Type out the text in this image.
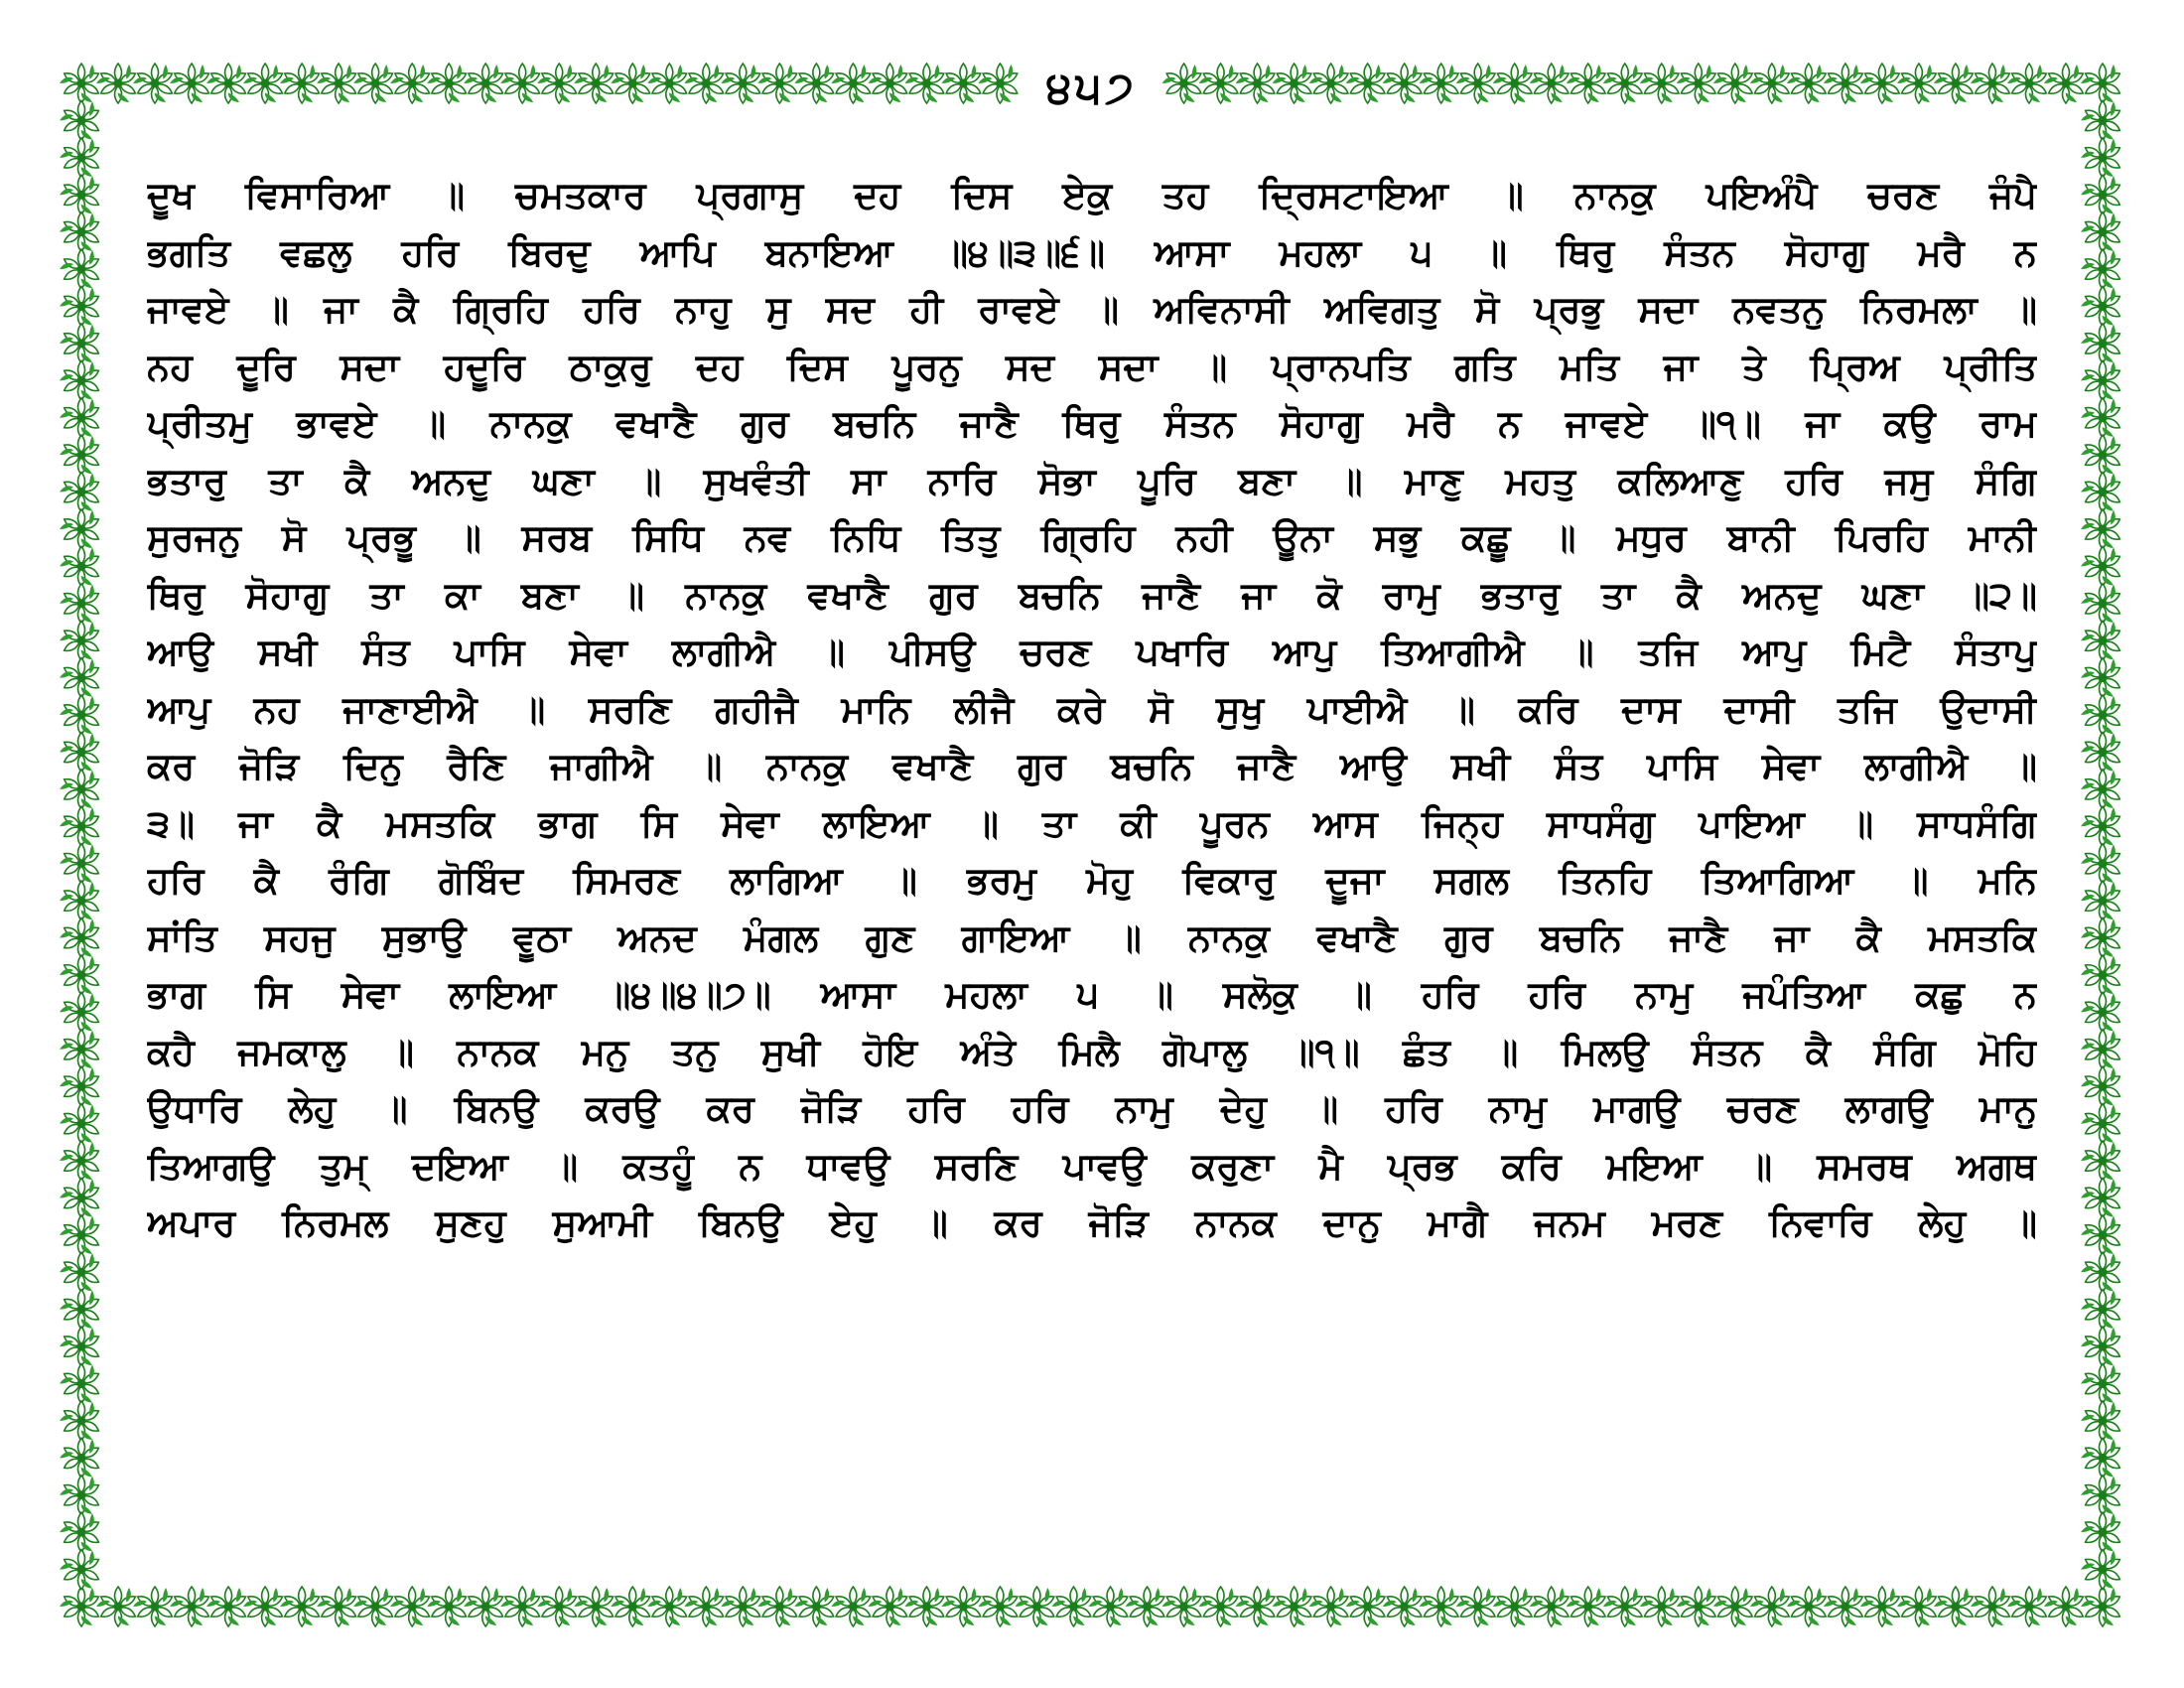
੪੫੭
ਦੂਖ ਵਿਸਾਰਿਆ ॥ ਚਮਤਕਾਰ ਪ੍ਰਗਾਸੁ ਦਹ ਦਿਸ ਏਕੁ ਤਹ ਦ੍ਰਿਸਟਾਇਆ ॥ ਨਾਨਕੁ ਪਇਅੰਪੈ ਚਰਣ ਜੰਪੈ
ਭਗਤਿ ਵਛਲੁ ਹਰਿ ਬਿਰਦੁ ਆਪਿ ਬਨਾਇਆ ॥੪॥੩॥੬॥ ਆਸਾ ਮਹਲਾ ੫ ॥ ਥਿਰੁ ਸੰਤਨ ਸੋਹਾਗੁ ਮਰੈ ਨ
ਜਾਵਏ ॥ ਜਾ ਕੈ ਗ੍ਰਿਹਿ ਹਰਿ ਨਾਹੁ ਸੁ ਸਦ ਹੀ ਰਾਵਏ ॥ ਅਵਿਨਾਸੀ ਅਵਿਗਤੁ ਸੋ ਪ੍ਰਭੁ ਸਦਾ ਨਵਤਨੁ ਨਿਰਮਲਾ ॥
ਨਹ ਦੂਰਿ ਸਦਾ ਹਦੂਰਿ ਠਾਕੁਰੁ ਦਹ ਦਿਸ ਪੂਰਨੁ ਸਦ ਸਦਾ ॥ ਪ੍ਰਾਨਪਤਿ ਗਤਿ ਮਤਿ ਜਾ ਤੇ ਪ੍ਰਿਅ ਪ੍ਰੀਤਿ
ਪ੍ਰੀਤਮੁ ਭਾਵਏ ॥ ਨਾਨਕੁ ਵਖਾਣੈ ਗੁਰ ਬਚਨਿ ਜਾਣੈ ਥਿਰੁ ਸੰਤਨ ਸੋਹਾਗੁ ਮਰੈ ਨ ਜਾਵਏ ॥੧॥ ਜਾ ਕਉ ਰਾਮ
ਭਤਾਰੁ ਤਾ ਕੈ ਅਨਦੁ ਘਣਾ ॥ ਸੁਖਵੰਤੀ ਸਾ ਨਾਰਿ ਸੋਭਾ ਪੂਰਿ ਬਣਾ ॥ ਮਾਣੁ ਮਹਤੁ ਕਲਿਆਣੁ ਹਰਿ ਜਸੁ ਸੰਗਿ
ਸੁਰਜਨੁ ਸੋ ਪ੍ਰਭੂ ॥ ਸਰਬ ਸਿਧਿ ਨਵ ਨਿਧਿ ਤਿਤੁ ਗ੍ਰਿਹਿ ਨਹੀ ਊਨਾ ਸਭੁ ਕਛੂ ॥ ਮਧੁਰ ਬਾਨੀ ਪਿਰਹਿ ਮਾਨੀ
ਥਿਰੁ ਸੋਹਾਗੁ ਤਾ ਕਾ ਬਣਾ ॥ ਨਾਨਕੁ ਵਖਾਣੈ ਗੁਰ ਬਚਨਿ ਜਾਣੈ ਜਾ ਕੋ ਰਾਮੁ ਭਤਾਰੁ ਤਾ ਕੈ ਅਨਦੁ ਘਣਾ ॥੨॥
ਆਉ ਸਖੀ ਸੰਤ ਪਾਸਿ ਸੇਵਾ ਲਾਗੀਐ ॥ ਪੀਸਉ ਚਰਣ ਪਖਾਰਿ ਆਪੁ ਤਿਆਗੀਐ ॥ ਤਜਿ ਆਪੁ ਮਿਟੈ ਸੰਤਾਪੁ
ਆਪੁ ਨਹ ਜਾਣਾਈਐ ॥ ਸਰਣਿ ਗਹੀਜੈ ਮਾਨਿ ਲੀਜੈ ਕਰੇ ਸੋ ਸੁਖੁ ਪਾਈਐ ॥ ਕਰਿ ਦਾਸ ਦਾਸੀ ਤਜਿ ਉਦਾਸੀ
ਕਰ ਜੋੜਿ ਦਿਨੁ ਰੈਣਿ ਜਾਗੀਐ ॥ ਨਾਨਕੁ ਵਖਾਣੈ ਗੁਰ ਬਚਨਿ ਜਾਣੈ ਆਉ ਸਖੀ ਸੰਤ ਪਾਸਿ ਸੇਵਾ ਲਾਗੀਐ ॥
੩॥ ਜਾ ਕੈ ਮਸਤਕਿ ਭਾਗ ਸਿ ਸੇਵਾ ਲਾਇਆ ॥ ਤਾ ਕੀ ਪੂਰਨ ਆਸ ਜਿਨ੍ਹ ਸਾਧਸੰਗੁ ਪਾਇਆ ॥ ਸਾਧਸੰਗਿ
ਹਰਿ ਕੈ ਰੰਗਿ ਗੋਬਿੰਦ ਸਿਮਰਣ ਲਾਗਿਆ ॥ ਭਰਮੁ ਮੋਹੁ ਵਿਕਾਰੁ ਦੂਜਾ ਸਗਲ ਤਿਨਹਿ ਤਿਆਗਿਆ ॥ ਮਨਿ
ਸਾਂਤਿ ਸਹਜੁ ਸੁਭਾਉ ਵੂਠਾ ਅਨਦ ਮੰਗਲ ਗੁਣ ਗਾਇਆ ॥ ਨਾਨਕੁ ਵਖਾਣੈ ਗੁਰ ਬਚਨਿ ਜਾਣੈ ਜਾ ਕੈ ਮਸਤਕਿ
ਭਾਗ ਸਿ ਸੇਵਾ ਲਾਇਆ ॥੪॥੪॥੭॥ ਆਸਾ ਮਹਲਾ ੫ ॥ ਸਲੋਕੁ ॥ ਹਰਿ ਹਰਿ ਨਾਮੁ ਜਪੰਤਿਆ ਕਛੁ ਨ
ਕਹੈ ਜਮਕਾਲੁ ॥ ਨਾਨਕ ਮਨੁ ਤਨੁ ਸੁਖੀ ਹੋਇ ਅੰਤੇ ਮਿਲੈ ਗੋਪਾਲੁ ॥੧॥ ਛੰਤ ॥ ਮਿਲਉ ਸੰਤਨ ਕੈ ਸੰਗਿ ਮੋਹਿ
ਉਧਾਰਿ ਲੇਹੁ ॥ ਬਿਨਉ ਕਰਉ ਕਰ ਜੋੜਿ ਹਰਿ ਹਰਿ ਨਾਮੁ ਦੇਹੁ ॥ ਹਰਿ ਨਾਮੁ ਮਾਗਉ ਚਰਣ ਲਾਗਉ ਮਾਨੁ
ਤਿਆਗਉ ਤੁਮ੍ ਦਇਆ ॥ ਕਤਹੂੰ ਨ ਧਾਵਉ ਸਰਣਿ ਪਾਵਉ ਕਰੁਣਾ ਮੈ ਪ੍ਰਭ ਕਰਿ ਮਇਆ ॥ ਸਮਰਥ ਅਗਥ
ਅਪਾਰ ਨਿਰਮਲ ਸੁਣਹੁ ਸੁਆਮੀ ਬਿਨਉ ਏਹੁ ॥ ਕਰ ਜੋੜਿ ਨਾਨਕ ਦਾਨੁ ਮਾਗੈ ਜਨਮ ਮਰਣ ਨਿਵਾਰਿ ਲੇਹੁ ॥
